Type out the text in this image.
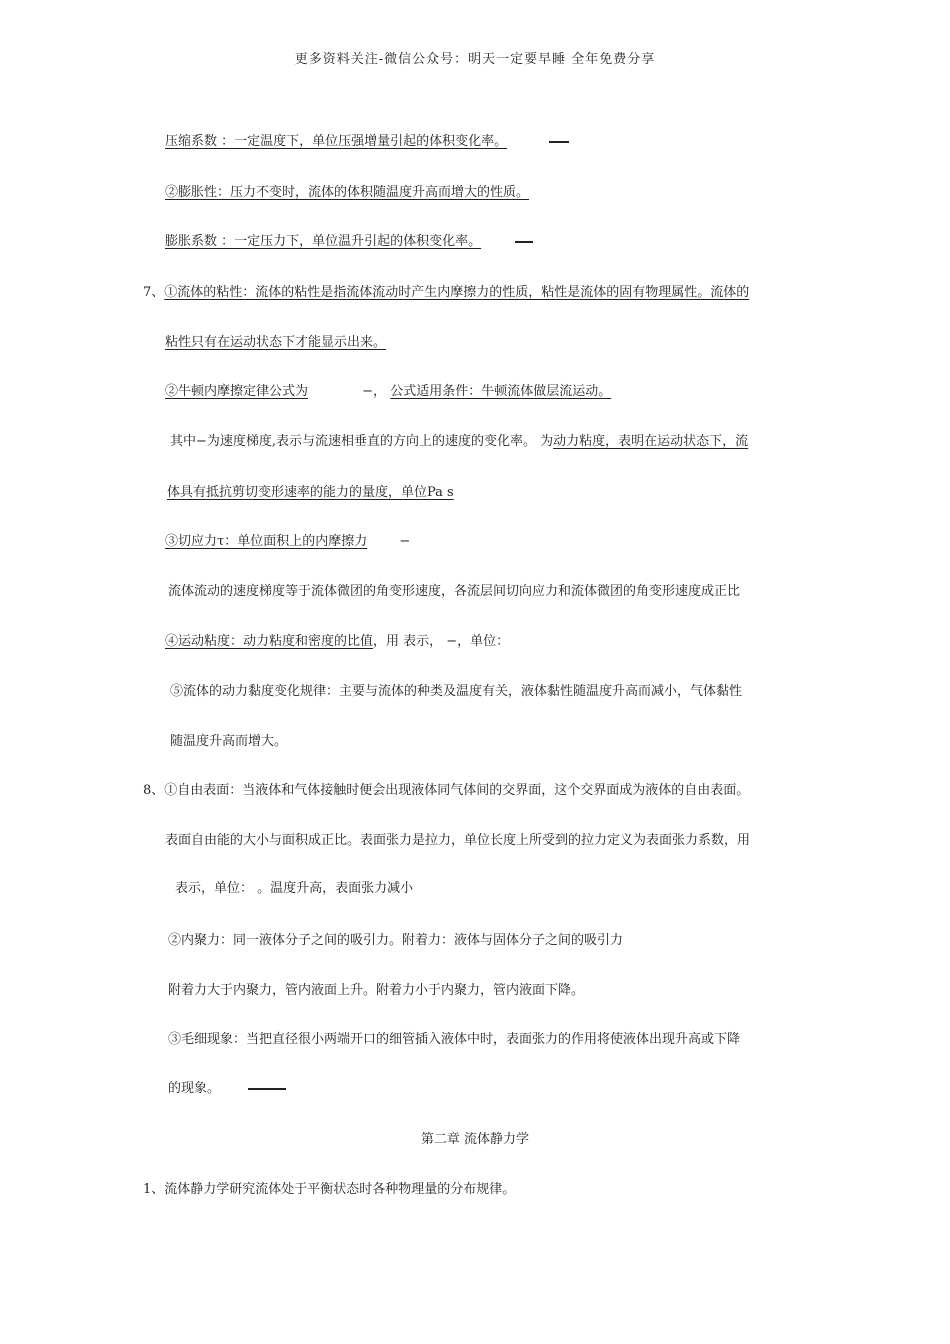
更多资料关注-微信公众号：明天一定要早睡 全年免费分享
压缩系数 ：一定温度下，单位压强增量引起的体积变化率。
②膨胀性：压力不变时，流体的体积随温度升高而增大的性质。
膨胀系数 ：一定压力下，单位温升引起的体积变化率。
7、①流体的粘性：流体的粘性是指流体流动时产生内摩擦力的性质，粘性是流体的固有物理属性。流体的
粘性只有在运动状态下才能显示出来。
②牛顿内摩擦定律公式为	−， 公式适用条件：牛顿流体做层流运动。
其中−为速度梯度,表示与流速相垂直的方向上的速度的变化率。 为动力粘度，表明在运动状态下，流
体具有抵抗剪切变形速率的能力的量度，单位Pa s
③切应力τ：单位面积上的内摩擦力 −
流体流动的速度梯度等于流体微团的角变形速度，各流层间切向应力和流体微团的角变形速度成正比
④运动粘度：动力粘度和密度的比值，用 表示， −，单位：
⑤流体的动力黏度变化规律：主要与流体的种类及温度有关，液体黏性随温度升高而减小，气体黏性
随温度升高而增大。
8、①自由表面：当液体和气体接触时便会出现液体同气体间的交界面，这个交界面成为液体的自由表面。
表面自由能的大小与面积成正比。表面张力是拉力，单位长度上所受到的拉力定义为表面张力系数，用
表示，单位： 。温度升高，表面张力减小
②内聚力：同一液体分子之间的吸引力。附着力：液体与固体分子之间的吸引力
附着力大于内聚力，管内液面上升。附着力小于内聚力，管内液面下降。
③毛细现象：当把直径很小两端开口的细管插入液体中时，表面张力的作用将使液体出现升高或下降
的现象。
第二章 流体静力学
1、流体静力学研究流体处于平衡状态时各种物理量的分布规律。
